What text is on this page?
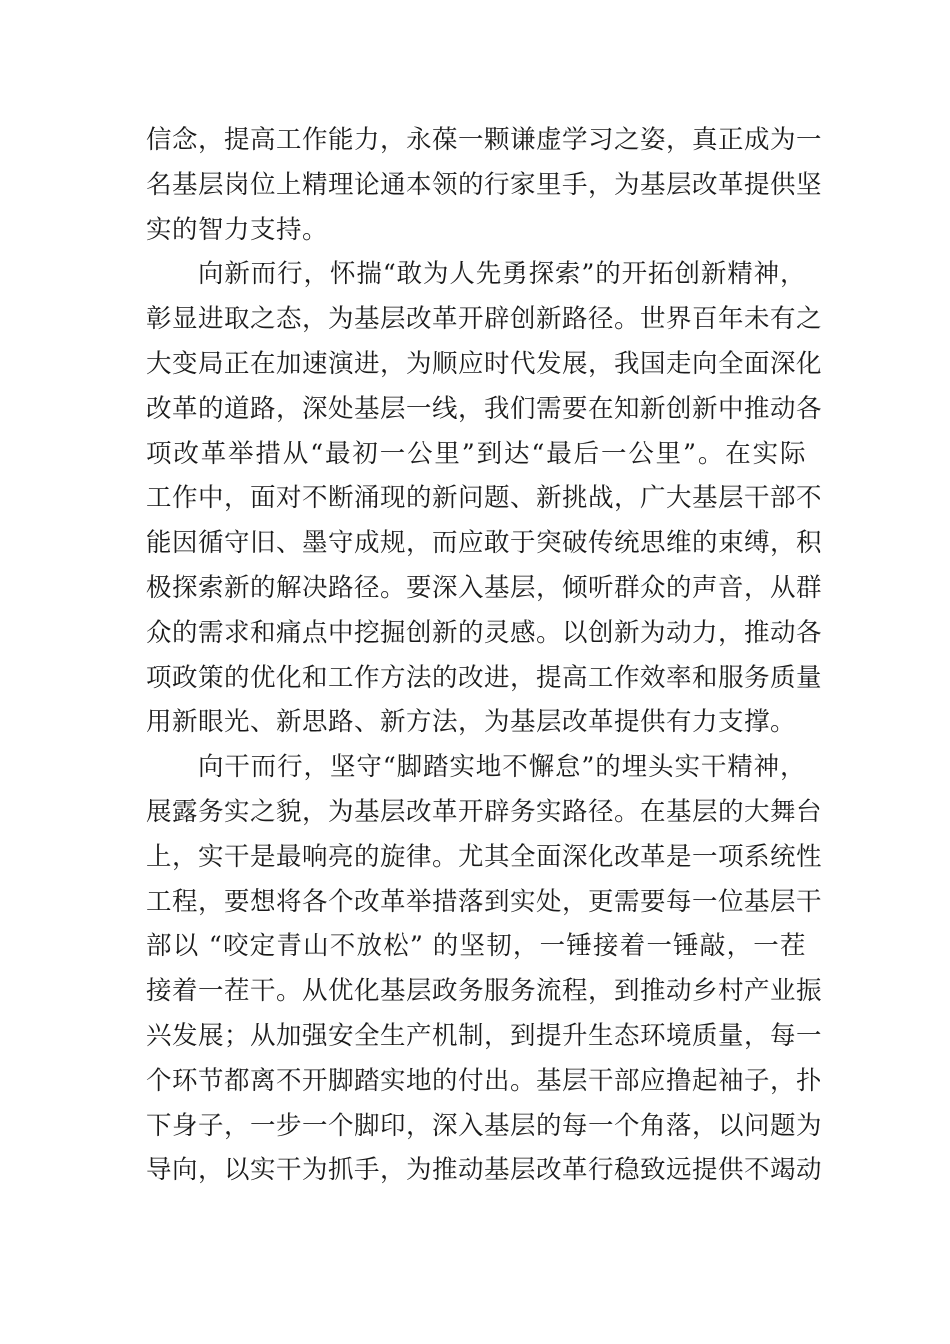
信念，提高工作能力，永葆一颗谦虚学习之姿，真正成为一
名基层岗位上精理论通本领的行家里手，为基层改革提供坚
实的智力支持。
向新而行，怀揣“敢为人先勇探索”的开拓创新精神，
彰显进取之态，为基层改革开辟创新路径。世界百年未有之
大变局正在加速演进，为顺应时代发展，我国走向全面深化
改革的道路，深处基层一线，我们需要在知新创新中推动各
项改革举措从“最初一公里”到达“最后一公里”。在实际
工作中，面对不断涌现的新问题、新挑战，广大基层干部不
能因循守旧、墨守成规，而应敢于突破传统思维的束缚，积
极探索新的解决路径。要深入基层，倾听群众的声音，从群
众的需求和痛点中挖掘创新的灵感。以创新为动力，推动各
项政策的优化和工作方法的改进，提高工作效率和服务质量
用新眼光、新思路、新方法，为基层改革提供有力支撑。
向干而行，坚守“脚踏实地不懈怠”的埋头实干精神，
展露务实之貌，为基层改革开辟务实路径。在基层的大舞台
上，实干是最响亮的旋律。尤其全面深化改革是一项系统性
工程，要想将各个改革举措落到实处，更需要每一位基层干
部以 “咬定青山不放松” 的坚韧，一锤接着一锤敲，一茬
接着一茬干。从优化基层政务服务流程，到推动乡村产业振
兴发展；从加强安全生产机制，到提升生态环境质量，每一
个环节都离不开脚踏实地的付出。基层干部应撸起袖子，扑
下身子，一步一个脚印，深入基层的每一个角落，以问题为
导向，以实干为抓手，为推动基层改革行稳致远提供不竭动
